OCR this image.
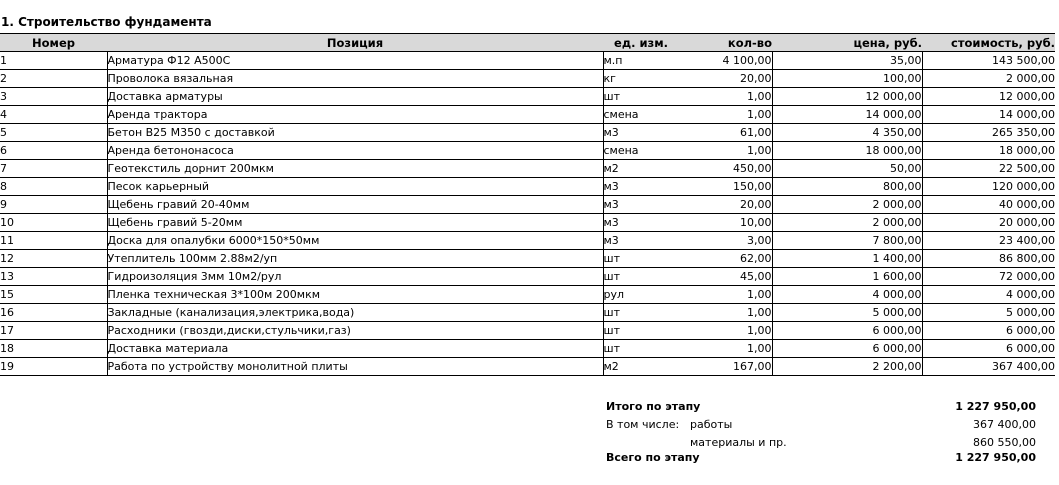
1. Строительство фундамента
Номер	Позиция	ед. изм.	кол-во	цена, руб.	стоимость, руб.
1	Арматура Ф12 А500С	м.п	4 100,00	35,00	143 500,00
2	Проволока вязальная	кг	20,00	100,00	2 000,00
3	Доставка арматуры	шт	1,00	12 000,00	12 000,00
4	Аренда трактора	смена	1,00	14 000,00	14 000,00
5	Бетон В25 М350 с доставкой	м3	61,00	4 350,00	265 350,00
6	Аренда бетононасоса	смена	1,00	18 000,00	18 000,00
7	Геотекстиль дорнит 200мкм	м2	450,00	50,00	22 500,00
8	Песок карьерный	м3	150,00	800,00	120 000,00
9	Щебень гравий 20-40мм	м3	20,00	2 000,00	40 000,00
10	Щебень гравий 5-20мм	м3	10,00	2 000,00	20 000,00
11	Доска для опалубки 6000*150*50мм	м3	3,00	7 800,00	23 400,00
12	Утеплитель 100мм 2.88м2/уп	шт	62,00	1 400,00	86 800,00
13	Гидроизоляция 3мм 10м2/рул	шт	45,00	1 600,00	72 000,00
15	Пленка техническая 3*100м 200мкм	рул	1,00	4 000,00	4 000,00
16	Закладные (канализация,электрика,вода)	шт	1,00	5 000,00	5 000,00
17	Расходники (гвозди,диски,стульчики,газ)	шт	1,00	6 000,00	6 000,00
18	Доставка материала	шт	1,00	6 000,00	6 000,00
19	Работа по устройству монолитной плиты	м2	167,00	2 200,00	367 400,00
Итого по этапу	1 227 950,00
В том числе: работы	367 400,00
материалы и пр.	860 550,00
Всего по этапу	1 227 950,00
